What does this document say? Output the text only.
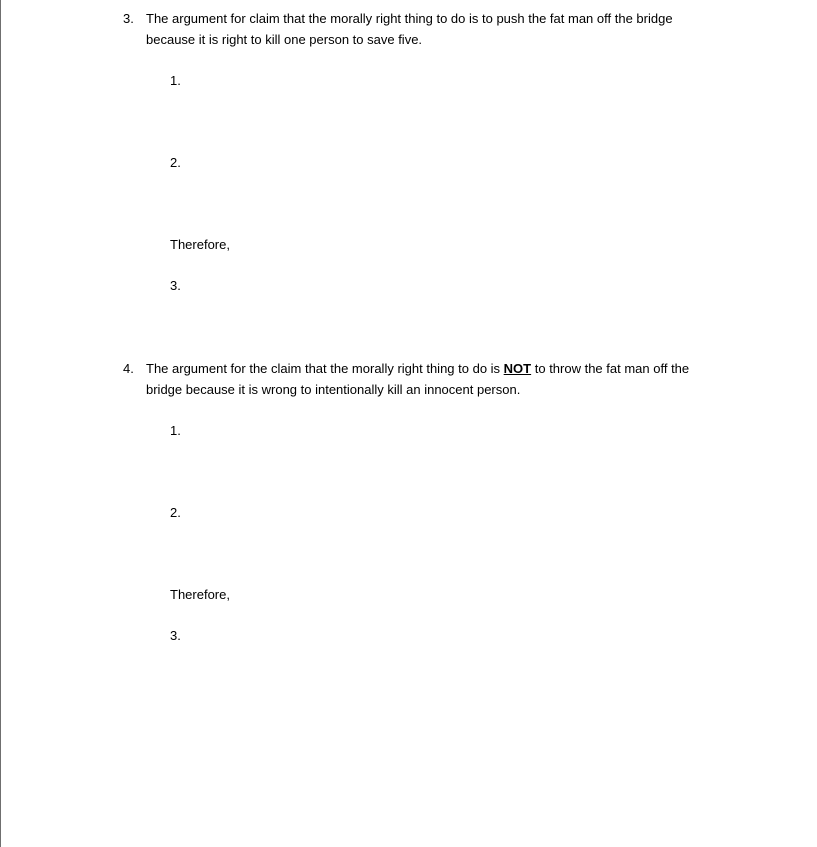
3. The argument for claim that the morally right thing to do is to push the fat man off the bridge
because it is right to kill one person to save five.
1.
2.
Therefore,
3.
4. The argument for the claim that the morally right thing to do is NOT to throw the fat man off the
bridge because it is wrong to intentionally kill an innocent person.
1.
2.
Therefore,
3.
